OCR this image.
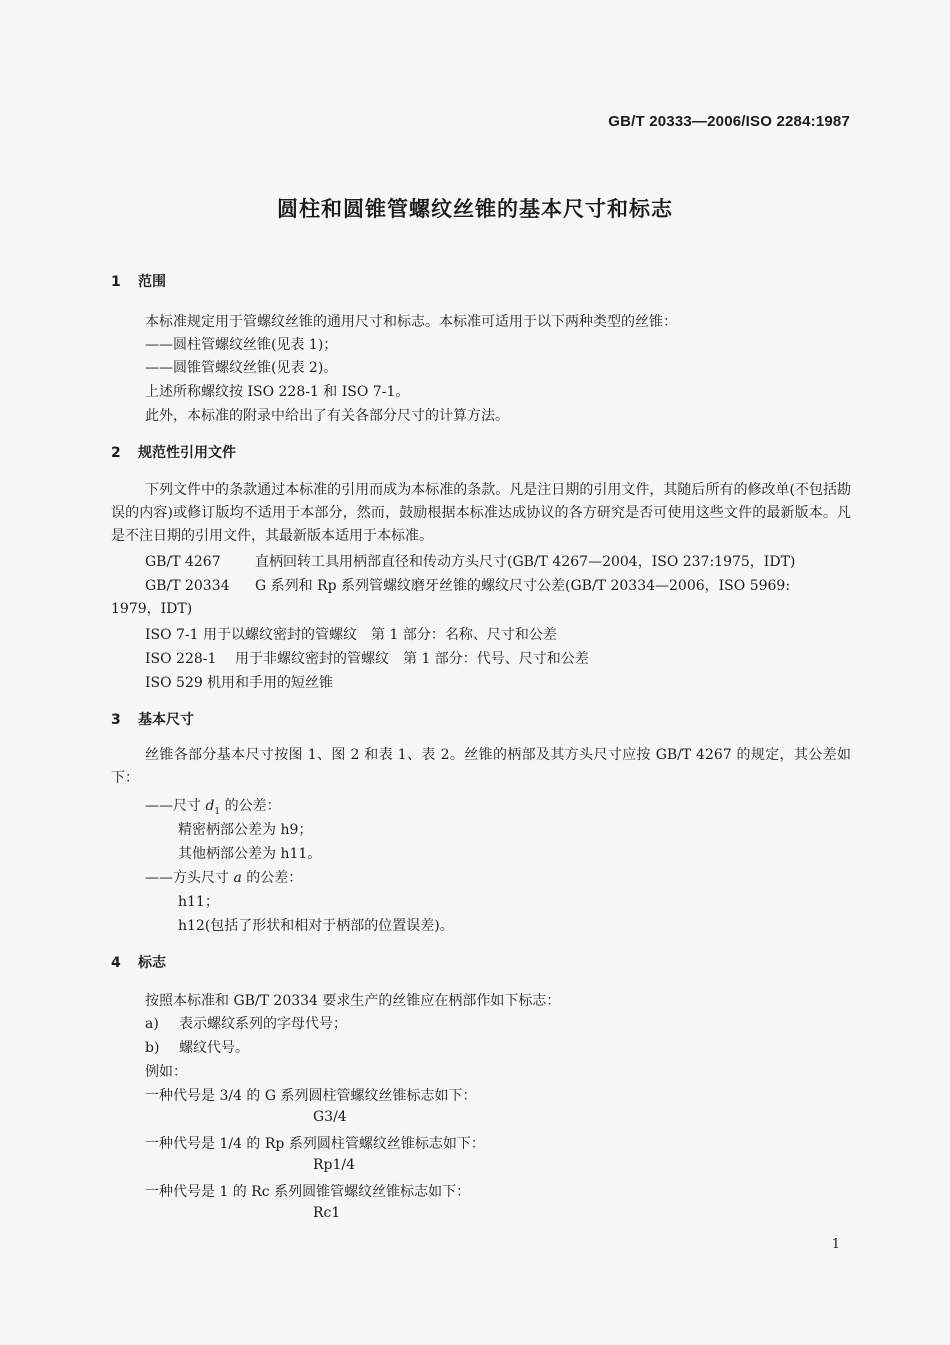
GB/T 20333—2006/ISO 2284:1987
圆柱和圆锥管螺纹丝锥的基本尺寸和标志
1 范围
本标准规定用于管螺纹丝锥的通用尺寸和标志。本标准可适用于以下两种类型的丝锥：
——圆柱管螺纹丝锥(见表 1)；
——圆锥管螺纹丝锥(见表 2)。
上述所称螺纹按 ISO 228-1 和 ISO 7-1。
此外，本标准的附录中给出了有关各部分尺寸的计算方法。
2 规范性引用文件
下列文件中的条款通过本标准的引用而成为本标准的条款。凡是注日期的引用文件，其随后所有的修改单(不包括勘误的内容)或修订版均不适用于本部分，然而，鼓励根据本标准达成协议的各方研究是否可使用这些文件的最新版本。凡是不注日期的引用文件，其最新版本适用于本标准。
GB/T 4267 直柄回转工具用柄部直径和传动方头尺寸(GB/T 4267—2004，ISO 237:1975，IDT)
GB/T 20334 G 系列和 Rp 系列管螺纹磨牙丝锥的螺纹尺寸公差(GB/T 20334—2006，ISO 5969:
1979，IDT)
ISO 7-1 用于以螺纹密封的管螺纹　第 1 部分：名称、尺寸和公差
ISO 228-1 用于非螺纹密封的管螺纹　第 1 部分：代号、尺寸和公差
ISO 529 机用和手用的短丝锥
3 基本尺寸
丝锥各部分基本尺寸按图 1、图 2 和表 1、表 2。丝锥的柄部及其方头尺寸应按 GB/T 4267 的规定，其公差如下：
——尺寸 $d_1$ 的公差：
精密柄部公差为 h9；
其他柄部公差为 h11。
——方头尺寸 a 的公差：
h11；
h12(包括了形状和相对于柄部的位置误差)。
4 标志
按照本标准和 GB/T 20334 要求生产的丝锥应在柄部作如下标志：
a) 表示螺纹系列的字母代号；
b) 螺纹代号。
例如：
一种代号是 3/4 的 G 系列圆柱管螺纹丝锥标志如下：
G3/4
一种代号是 1/4 的 Rp 系列圆柱管螺纹丝锥标志如下：
Rp1/4
一种代号是 1 的 Rc 系列圆锥管螺纹丝锥标志如下：
Rc1
1
